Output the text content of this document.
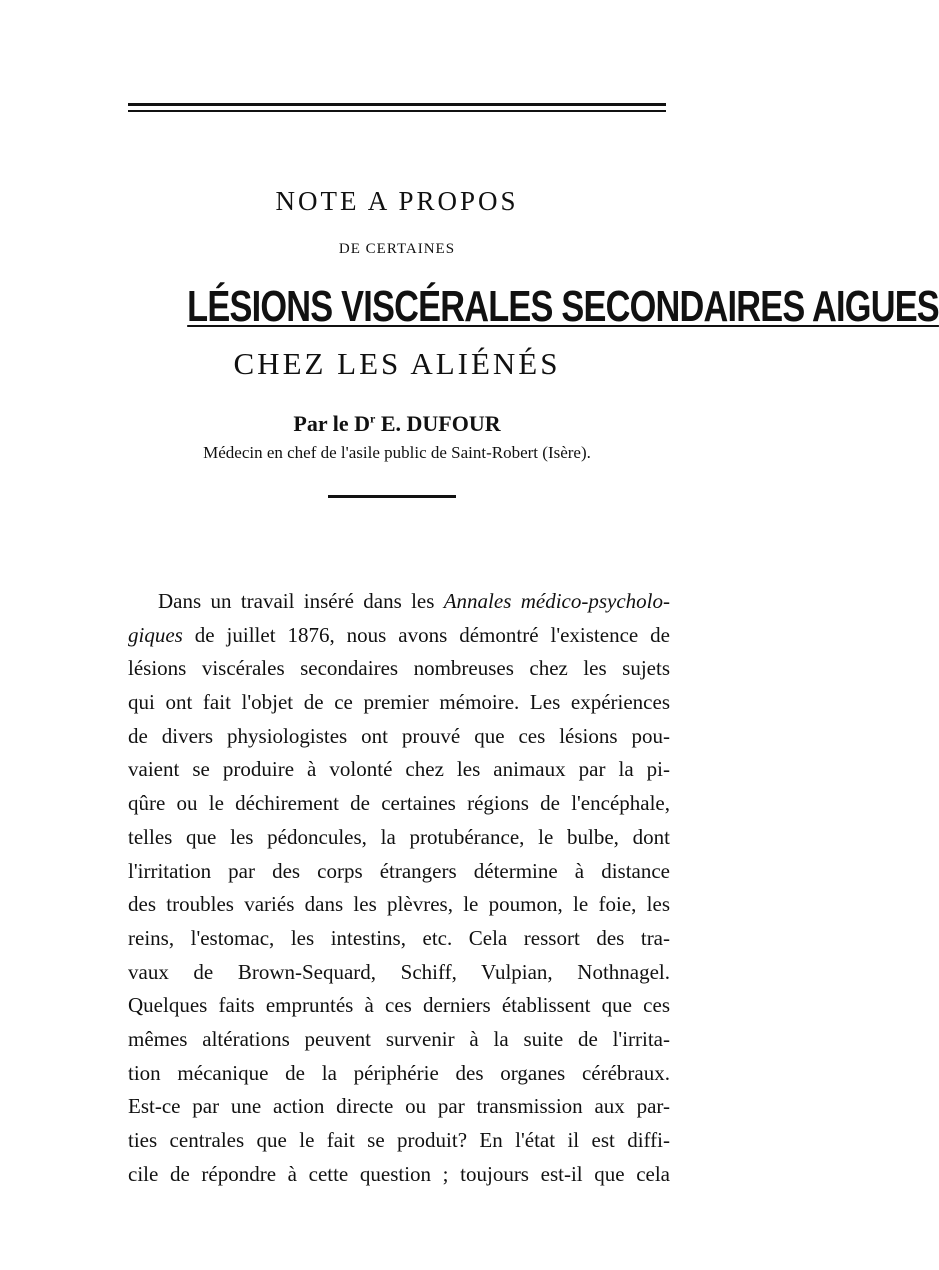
NOTE A PROPOS
DE CERTAINES
LÉSIONS VISCÉRALES SECONDAIRES AIGUES
CHEZ LES ALIÉNÉS
Par le $D^r$ E. DUFOUR
Médecin en chef de l'asile public de Saint-Robert (Isère).
Dans un travail inséré dans les Annales médico-psycholo-
giques de juillet 1876, nous avons démontré l'existence de
lésions viscérales secondaires nombreuses chez les sujets
qui ont fait l'objet de ce premier mémoire. Les expériences
de divers physiologistes ont prouvé que ces lésions pou-
vaient se produire à volonté chez les animaux par la pi-
qûre ou le déchirement de certaines régions de l'encéphale,
telles que les pédoncules, la protubérance, le bulbe, dont
l'irritation par des corps étrangers détermine à distance
des troubles variés dans les plèvres, le poumon, le foie, les
reins, l'estomac, les intestins, etc. Cela ressort des tra-
vaux de Brown-Sequard, Schiff, Vulpian, Nothnagel.
Quelques faits empruntés à ces derniers établissent que ces
mêmes altérations peuvent survenir à la suite de l'irrita-
tion mécanique de la périphérie des organes cérébraux.
Est-ce par une action directe ou par transmission aux par-
ties centrales que le fait se produit? En l'état il est diffi-
cile de répondre à cette question ; toujours est-il que cela
